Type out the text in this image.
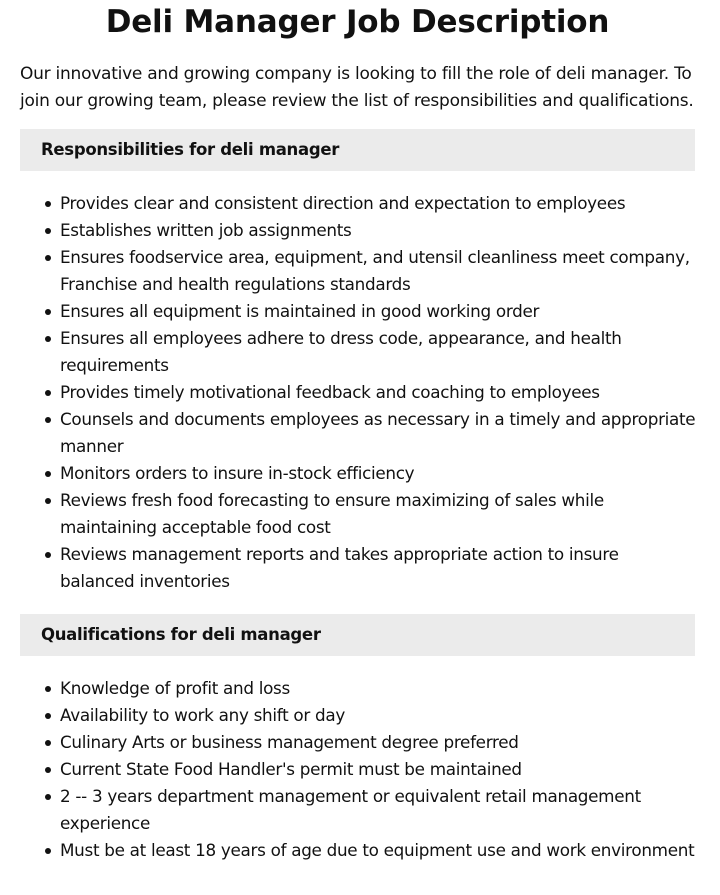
Deli Manager Job Description

Our innovative and growing company is looking to fill the role of deli manager. To
join our growing team, please review the list of responsibilities and qualifications.

Responsibilities for deli manager
Provides clear and consistent direction and expectation to employees
Establishes written job assignments
Ensures foodservice area, equipment, and utensil cleanliness meet company,
Franchise and health regulations standards
Ensures all equipment is maintained in good working order
Ensures all employees adhere to dress code, appearance, and health
requirements
Provides timely motivational feedback and coaching to employees
Counsels and documents employees as necessary in a timely and appropriate
manner
Monitors orders to insure in-stock efficiency
Reviews fresh food forecasting to ensure maximizing of sales while
maintaining acceptable food cost
Reviews management reports and takes appropriate action to insure
balanced inventories
Qualifications for deli manager
Knowledge of profit and loss
Availability to work any shift or day
Culinary Arts or business management degree preferred
Current State Food Handler's permit must be maintained
2 -- 3 years department management or equivalent retail management
experience
Must be at least 18 years of age due to equipment use and work environment
